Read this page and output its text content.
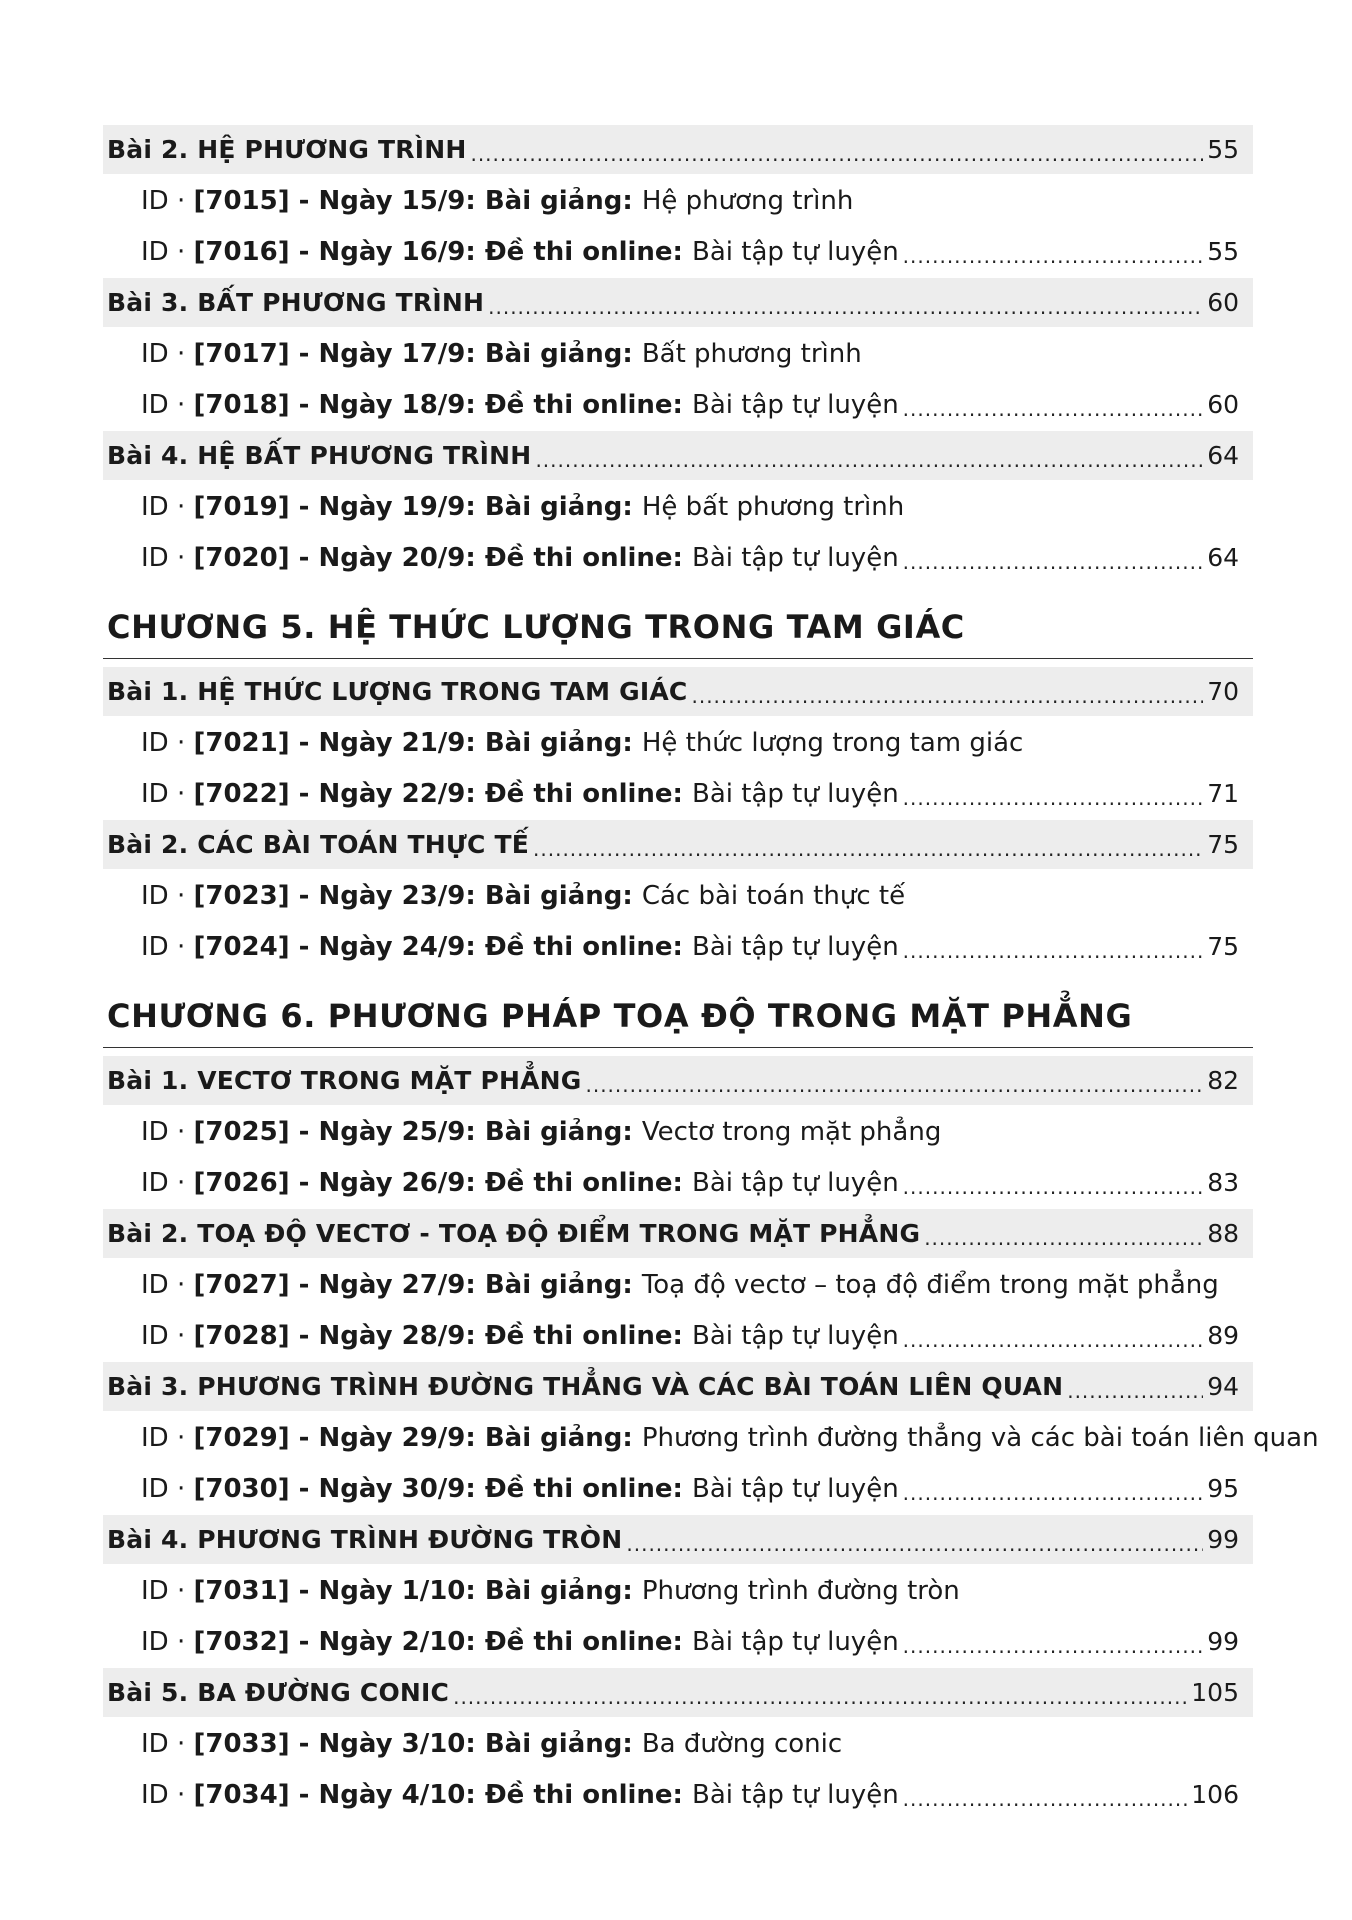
Bài 2. HỆ PHƯƠNG TRÌNH .....	55
ID · [7015] - Ngày 15/9: Bài giảng: Hệ phương trình
ID · [7016] - Ngày 16/9: Đề thi online: Bài tập tự luyện .....	55
Bài 3. BẤT PHƯƠNG TRÌNH .....	60
ID · [7017] - Ngày 17/9: Bài giảng: Bất phương trình
ID · [7018] - Ngày 18/9: Đề thi online: Bài tập tự luyện .....	60
Bài 4. HỆ BẤT PHƯƠNG TRÌNH .....	64
ID · [7019] - Ngày 19/9: Bài giảng: Hệ bất phương trình
ID · [7020] - Ngày 20/9: Đề thi online: Bài tập tự luyện .....	64
CHƯƠNG 5. HỆ THỨC LƯỢNG TRONG TAM GIÁC
Bài 1. HỆ THỨC LƯỢNG TRONG TAM GIÁC .....	70
ID · [7021] - Ngày 21/9: Bài giảng: Hệ thức lượng trong tam giác
ID · [7022] - Ngày 22/9: Đề thi online: Bài tập tự luyện .....	71
Bài 2. CÁC BÀI TOÁN THỰC TẾ .....	75
ID · [7023] - Ngày 23/9: Bài giảng: Các bài toán thực tế
ID · [7024] - Ngày 24/9: Đề thi online: Bài tập tự luyện .....	75
CHƯƠNG 6. PHƯƠNG PHÁP TOẠ ĐỘ TRONG MẶT PHẲNG
Bài 1. VECTƠ TRONG MẶT PHẲNG .....	82
ID · [7025] - Ngày 25/9: Bài giảng: Vectơ trong mặt phẳng
ID · [7026] - Ngày 26/9: Đề thi online: Bài tập tự luyện .....	83
Bài 2. TOẠ ĐỘ VECTƠ - TOẠ ĐỘ ĐIỂM TRONG MẶT PHẲNG .....	88
ID · [7027] - Ngày 27/9: Bài giảng: Toạ độ vectơ – toạ độ điểm trong mặt phẳng
ID · [7028] - Ngày 28/9: Đề thi online: Bài tập tự luyện .....	89
Bài 3. PHƯƠNG TRÌNH ĐƯỜNG THẲNG VÀ CÁC BÀI TOÁN LIÊN QUAN .....	94
ID · [7029] - Ngày 29/9: Bài giảng: Phương trình đường thẳng và các bài toán liên quan
ID · [7030] - Ngày 30/9: Đề thi online: Bài tập tự luyện .....	95
Bài 4. PHƯƠNG TRÌNH ĐƯỜNG TRÒN .....	99
ID · [7031] - Ngày 1/10: Bài giảng: Phương trình đường tròn
ID · [7032] - Ngày 2/10: Đề thi online: Bài tập tự luyện .....	99
Bài 5. BA ĐƯỜNG CONIC .....	105
ID · [7033] - Ngày 3/10: Bài giảng: Ba đường conic
ID · [7034] - Ngày 4/10: Đề thi online: Bài tập tự luyện .....	106
